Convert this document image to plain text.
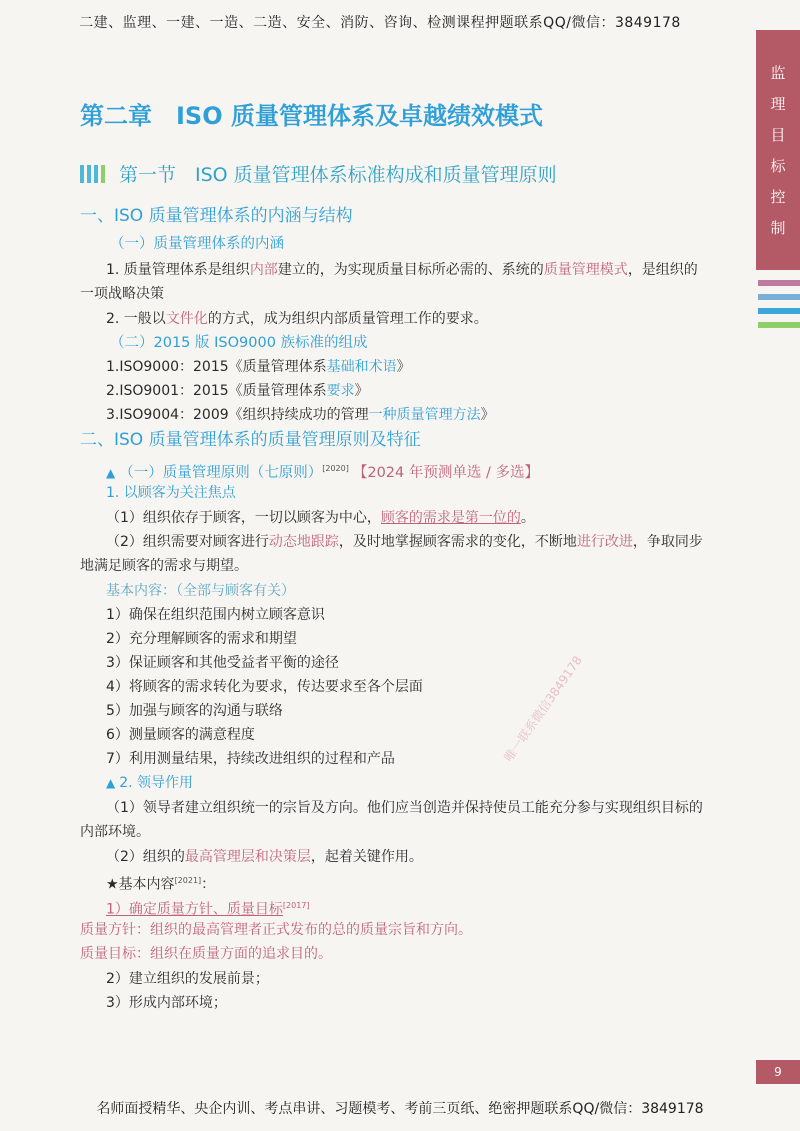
二建、监理、一建、一造、二造、安全、消防、咨询、检测课程押题联系QQ/微信：3849178
监
理
目
标
控
制
第二章　ISO 质量管理体系及卓越绩效模式
第一节　ISO 质量管理体系标准构成和质量管理原则
一、ISO 质量管理体系的内涵与结构
（一）质量管理体系的内涵
1. 质量管理体系是组织内部建立的，为实现质量目标所必需的、系统的质量管理模式，是组织的
一项战略决策
2. 一般以文件化的方式，成为组织内部质量管理工作的要求。
（二）2015 版 ISO9000 族标准的组成
1.ISO9000：2015《质量管理体系基础和术语》
2.ISO9001：2015《质量管理体系要求》
3.ISO9004：2009《组织持续成功的管理一种质量管理方法》
二、ISO 质量管理体系的质量管理原则及特征
▲ （一）质量管理原则（七原则）[2020] 【2024 年预测单选 / 多选】
1. 以顾客为关注焦点
（1）组织依存于顾客，一切以顾客为中心，顾客的需求是第一位的。
（2）组织需要对顾客进行动态地跟踪，及时地掌握顾客需求的变化，不断地进行改进，争取同步
地满足顾客的需求与期望。
基本内容：（全部与顾客有关）
1）确保在组织范围内树立顾客意识
2）充分理解顾客的需求和期望
3）保证顾客和其他受益者平衡的途径
4）将顾客的需求转化为要求，传达要求至各个层面
5）加强与顾客的沟通与联络
6）测量顾客的满意程度
7）利用测量结果，持续改进组织的过程和产品
▲ 2. 领导作用
（1）领导者建立组织统一的宗旨及方向。他们应当创造并保持使员工能充分参与实现组织目标的
内部环境。
（2）组织的最高管理层和决策层，起着关键作用。
★基本内容[2021]：
1）确定质量方针、质量目标[2017]
质量方针：组织的最高管理者正式发布的总的质量宗旨和方向。
质量目标：组织在质量方面的追求目的。
2）建立组织的发展前景；
3）形成内部环境；
唯一联系微信3849178
9
名师面授精华、央企内训、考点串讲、习题模考、考前三页纸、绝密押题联系QQ/微信：3849178
